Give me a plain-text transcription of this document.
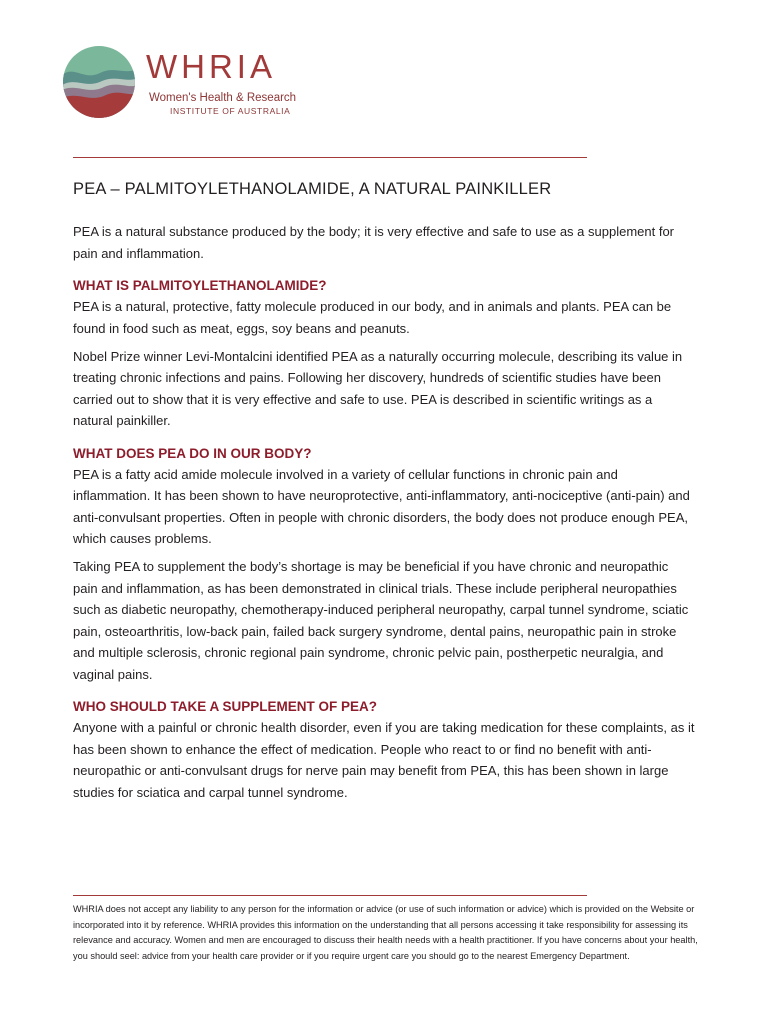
WHRIA
Women's Health & Research
INSTITUTE OF AUSTRALIA
PEA – PALMITOYLETHANOLAMIDE, A NATURAL PAINKILLER

PEA is a natural substance produced by the body; it is very effective and safe to use as a supplement for pain and inflammation.

WHAT IS PALMITOYLETHANOLAMIDE?

PEA is a natural, protective, fatty molecule produced in our body, and in animals and plants. PEA can be found in food such as meat, eggs, soy beans and peanuts.

Nobel Prize winner Levi-Montalcini identified PEA as a naturally occurring molecule, describing its value in treating chronic infections and pains. Following her discovery, hundreds of scientific studies have been carried out to show that it is very effective and safe to use. PEA is described in scientific writings as a natural painkiller.

WHAT DOES PEA DO IN OUR BODY?

PEA is a fatty acid amide molecule involved in a variety of cellular functions in chronic pain and inflammation. It has been shown to have neuroprotective, anti-inflammatory, anti-nociceptive (anti-pain) and anti-convulsant properties. Often in people with chronic disorders, the body does not produce enough PEA, which causes problems.

Taking PEA to supplement the body’s shortage is may be beneficial if you have chronic and neuropathic pain and inflammation, as has been demonstrated in clinical trials. These include peripheral neuropathies such as diabetic neuropathy, chemotherapy-induced peripheral neuropathy, carpal tunnel syndrome, sciatic pain, osteoarthritis, low-back pain, failed back surgery syndrome, dental pains, neuropathic pain in stroke and multiple sclerosis, chronic regional pain syndrome, chronic pelvic pain, postherpetic neuralgia, and vaginal pains.

WHO SHOULD TAKE A SUPPLEMENT OF PEA?

Anyone with a painful or chronic health disorder, even if you are taking medication for these complaints, as it has been shown to enhance the effect of medication. People who react to or find no benefit with anti-neuropathic or anti-convulsant drugs for nerve pain may benefit from PEA, this has been shown in large studies for sciatica and carpal tunnel syndrome.

WHRIA does not accept any liability to any person for the information or advice (or use of such information or advice) which is provided on the Website or incorporated into it by reference. WHRIA provides this information on the understanding that all persons accessing it take responsibility for assessing its relevance and accuracy. Women and men are encouraged to discuss their health needs with a health practitioner. If you have concerns about your health, you should seel: advice from your health care provider or if you require urgent care you should go to the nearest Emergency Department.
